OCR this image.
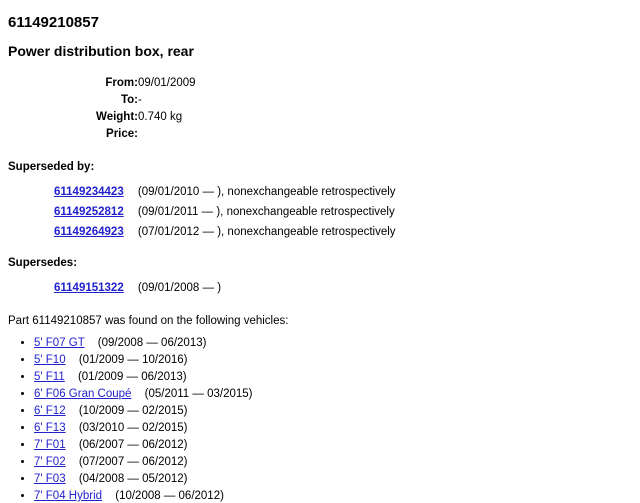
61149210857
Power distribution box, rear
From:	09/01/2009
To:	-
Weight:	0.740 kg
Price:	
Superseded by:
61149234423 (09/01/2010 — ), nonexchangeable retrospectively
61149252812 (09/01/2011 — ), nonexchangeable retrospectively
61149264923 (07/01/2012 — ), nonexchangeable retrospectively
Supersedes:
61149151322 (09/01/2008 — )
Part 61149210857 was found on the following vehicles:
• 5' F07 GT (09/2008 — 06/2013)
• 5' F10 (01/2009 — 10/2016)
• 5' F11 (01/2009 — 06/2013)
• 6' F06 Gran Coupé (05/2011 — 03/2015)
• 6' F12 (10/2009 — 02/2015)
• 6' F13 (03/2010 — 02/2015)
• 7' F01 (06/2007 — 06/2012)
• 7' F02 (07/2007 — 06/2012)
• 7' F03 (04/2008 — 05/2012)
• 7' F04 Hybrid (10/2008 — 06/2012)
